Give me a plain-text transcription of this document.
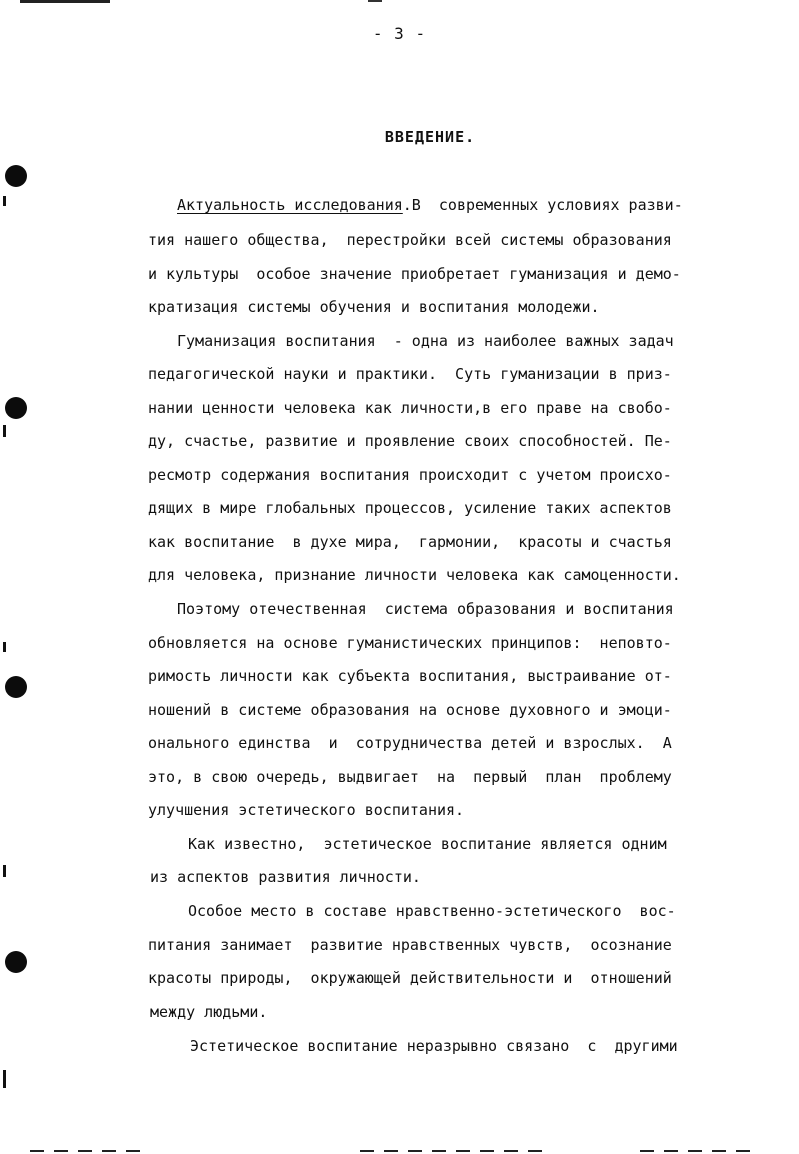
- 3 -
ВВЕДЕНИЕ.
Актуальность исследования.В  современных условиях разви-
тия нашего общества,  перестройки всей системы образования
и культуры  особое значение приобретает гуманизация и демо-
кратизация системы обучения и воспитания молодежи.
Гуманизация воспитания  - одна из наиболее важных задач
педагогической науки и практики.  Суть гуманизации в приз-
нании ценности человека как личности,в его праве на свобо-
ду, счастье, развитие и проявление своих способностей. Пе-
ресмотр содержания воспитания происходит с учетом происхо-
дящих в мире глобальных процессов, усиление таких аспектов
как воспитание  в духе мира,  гармонии,  красоты и счастья
для человека, признание личности человека как самоценности.
Поэтому отечественная  система образования и воспитания
обновляется на основе гуманистических принципов:  неповто-
римость личности как субъекта воспитания, выстраивание от-
ношений в системе образования на основе духовного и эмоци-
онального единства  и  сотрудничества детей и взрослых.  А
это, в свою очередь, выдвигает  на  первый  план  проблему
улучшения эстетического воспитания.
Как известно,  эстетическое воспитание является одним
из аспектов развития личности.
Особое место в составе нравственно-эстетического  вос-
питания занимает  развитие нравственных чувств,  осознание
красоты природы,  окружающей действительности и  отношений
между людьми.
Эстетическое воспитание неразрывно связано  с  другими
